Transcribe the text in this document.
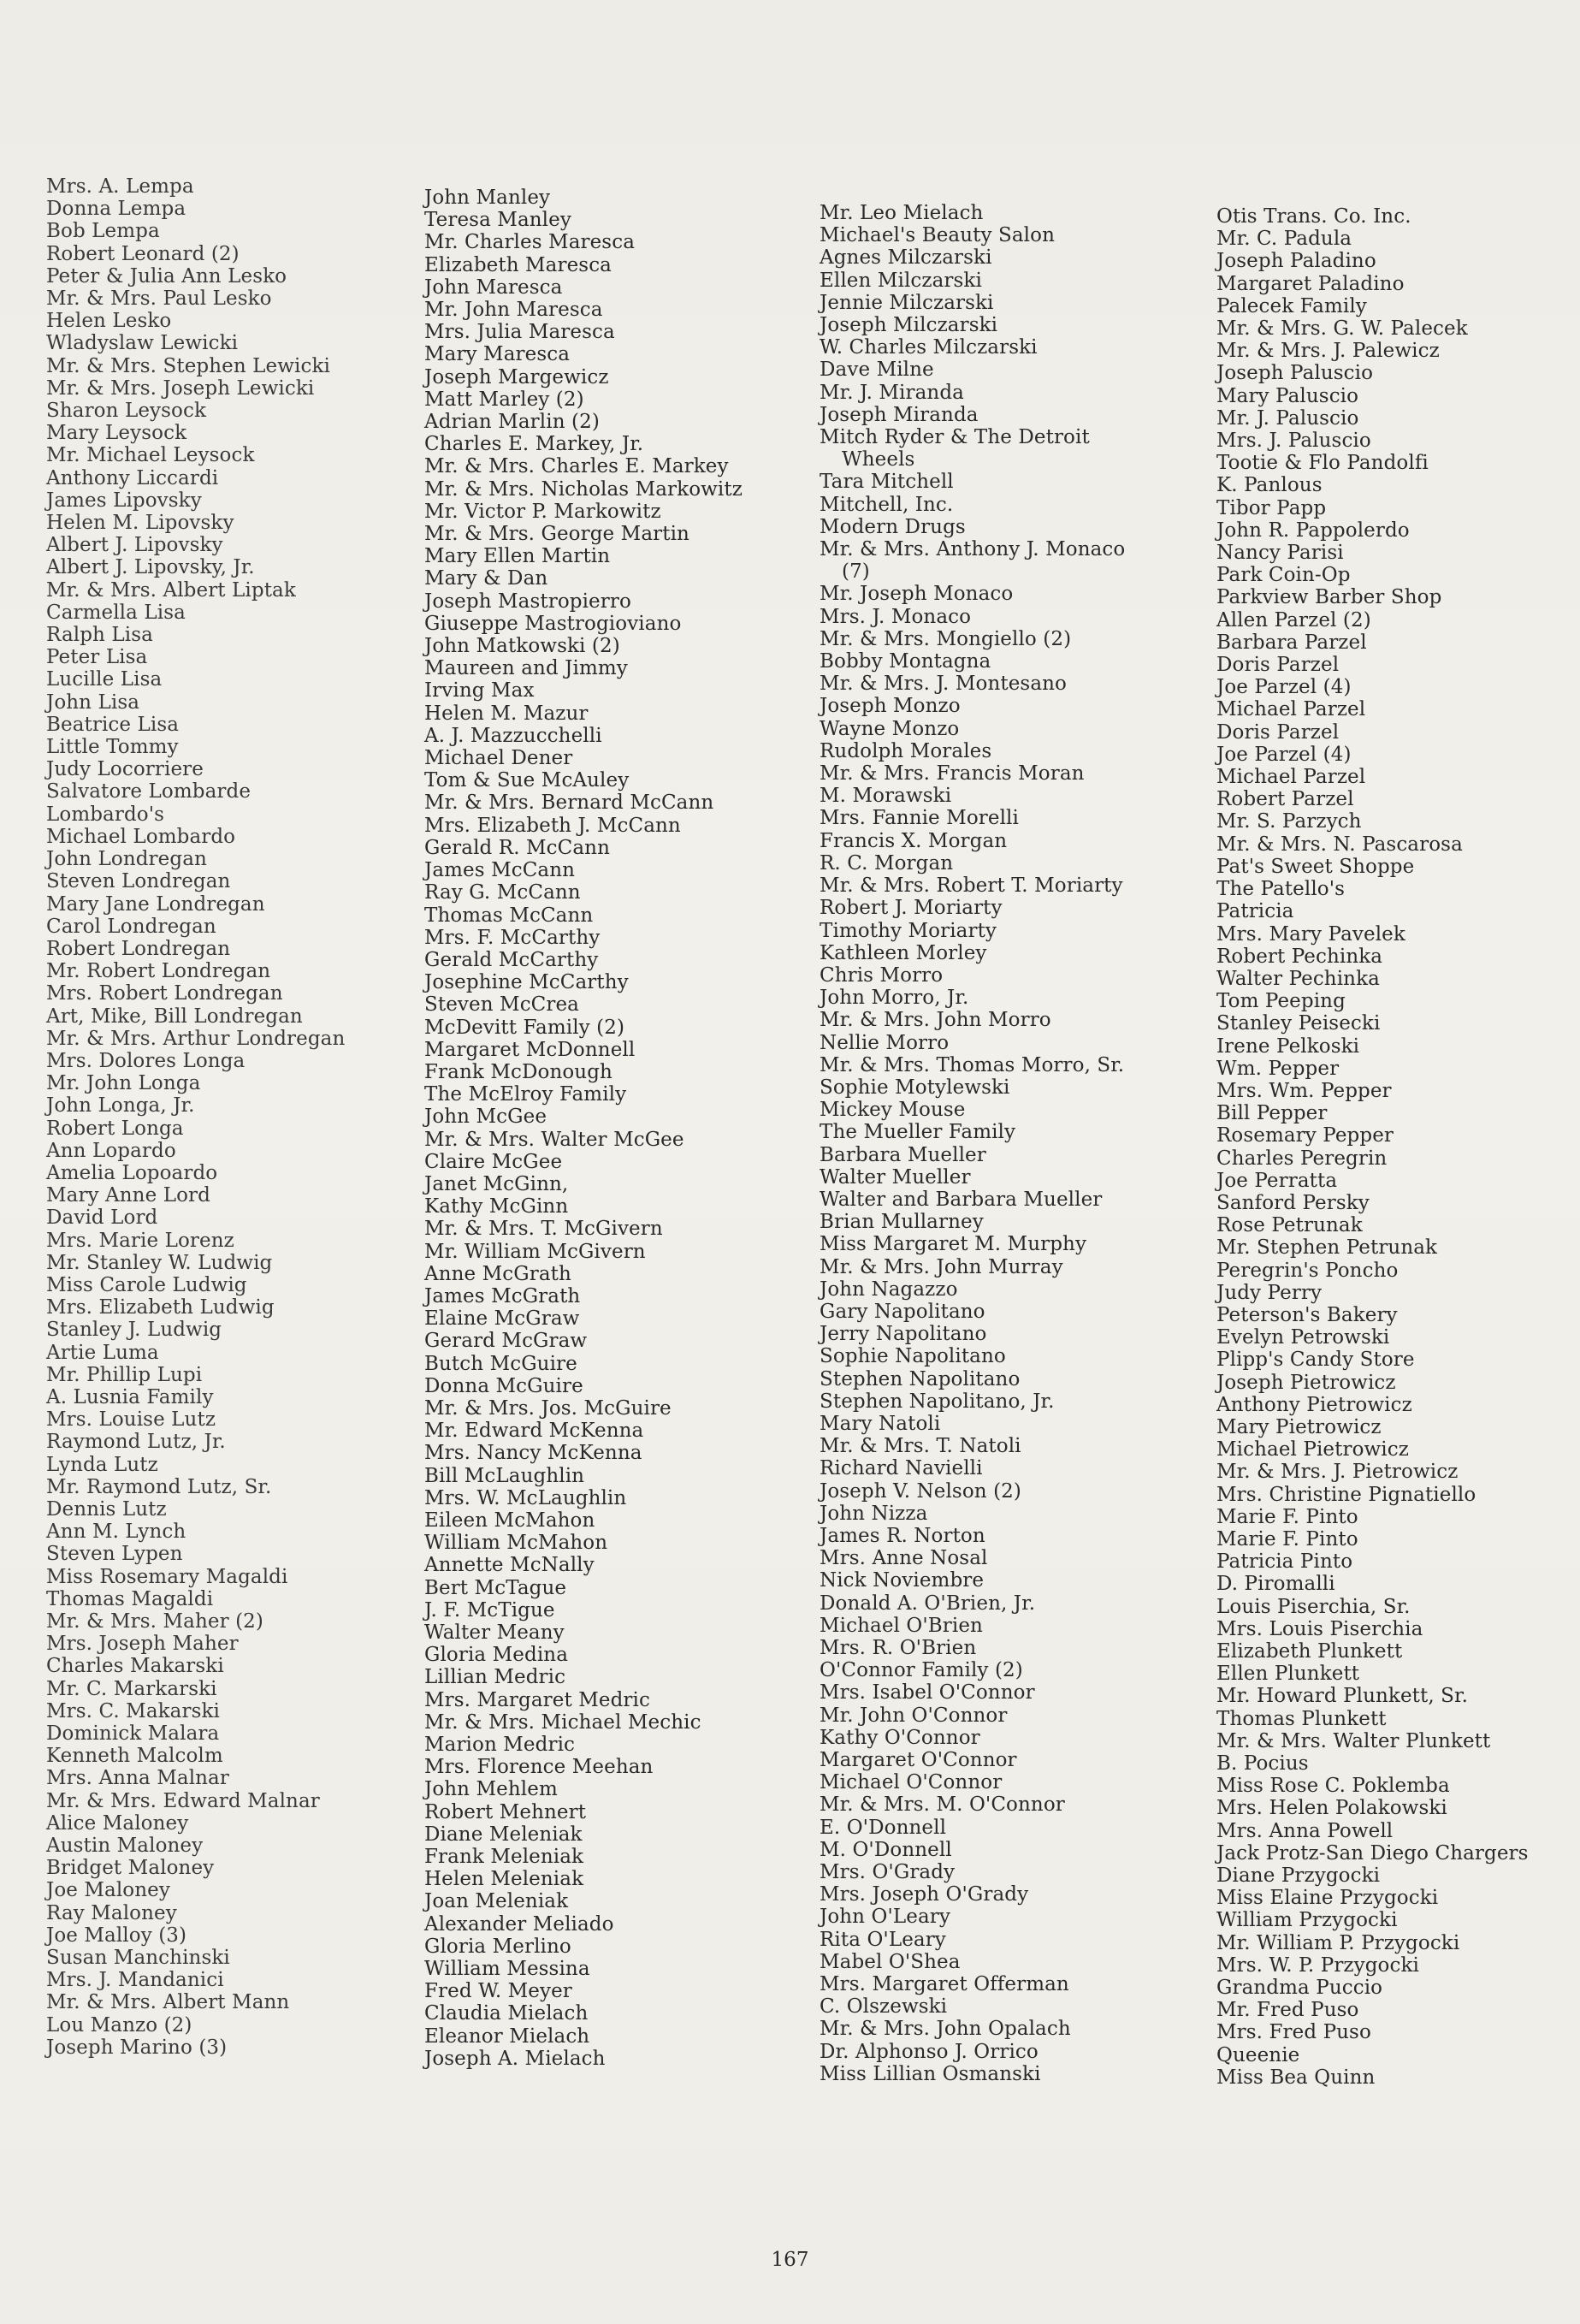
Mrs. A. Lempa
Donna Lempa
Bob Lempa
Robert Leonard (2)
Peter & Julia Ann Lesko
Mr. & Mrs. Paul Lesko
Helen Lesko
Wladyslaw Lewicki
Mr. & Mrs. Stephen Lewicki
Mr. & Mrs. Joseph Lewicki
Sharon Leysock
Mary Leysock
Mr. Michael Leysock
Anthony Liccardi
James Lipovsky
Helen M. Lipovsky
Albert J. Lipovsky
Albert J. Lipovsky, Jr.
Mr. & Mrs. Albert Liptak
Carmella Lisa
Ralph Lisa
Peter Lisa
Lucille Lisa
John Lisa
Beatrice Lisa
Little Tommy
Judy Locorriere
Salvatore Lombarde
Lombardo's
Michael Lombardo
John Londregan
Steven Londregan
Mary Jane Londregan
Carol Londregan
Robert Londregan
Mr. Robert Londregan
Mrs. Robert Londregan
Art, Mike, Bill Londregan
Mr. & Mrs. Arthur Londregan
Mrs. Dolores Longa
Mr. John Longa
John Longa, Jr.
Robert Longa
Ann Lopardo
Amelia Lopoardo
Mary Anne Lord
David Lord
Mrs. Marie Lorenz
Mr. Stanley W. Ludwig
Miss Carole Ludwig
Mrs. Elizabeth Ludwig
Stanley J. Ludwig
Artie Luma
Mr. Phillip Lupi
A. Lusnia Family
Mrs. Louise Lutz
Raymond Lutz, Jr.
Lynda Lutz
Mr. Raymond Lutz, Sr.
Dennis Lutz
Ann M. Lynch
Steven Lypen
Miss Rosemary Magaldi
Thomas Magaldi
Mr. & Mrs. Maher (2)
Mrs. Joseph Maher
Charles Makarski
Mr. C. Markarski
Mrs. C. Makarski
Dominick Malara
Kenneth Malcolm
Mrs. Anna Malnar
Mr. & Mrs. Edward Malnar
Alice Maloney
Austin Maloney
Bridget Maloney
Joe Maloney
Ray Maloney
Joe Malloy (3)
Susan Manchinski
Mrs. J. Mandanici
Mr. & Mrs. Albert Mann
Lou Manzo (2)
Joseph Marino (3)
John Manley
Teresa Manley
Mr. Charles Maresca
Elizabeth Maresca
John Maresca
Mr. John Maresca
Mrs. Julia Maresca
Mary Maresca
Joseph Margewicz
Matt Marley (2)
Adrian Marlin (2)
Charles E. Markey, Jr.
Mr. & Mrs. Charles E. Markey
Mr. & Mrs. Nicholas Markowitz
Mr. Victor P. Markowitz
Mr. & Mrs. George Martin
Mary Ellen Martin
Mary & Dan
Joseph Mastropierro
Giuseppe Mastrogioviano
John Matkowski (2)
Maureen and Jimmy
Irving Max
Helen M. Mazur
A. J. Mazzucchelli
Michael Dener
Tom & Sue McAuley
Mr. & Mrs. Bernard McCann
Mrs. Elizabeth J. McCann
Gerald R. McCann
James McCann
Ray G. McCann
Thomas McCann
Mrs. F. McCarthy
Gerald McCarthy
Josephine McCarthy
Steven McCrea
McDevitt Family (2)
Margaret McDonnell
Frank McDonough
The McElroy Family
John McGee
Mr. & Mrs. Walter McGee
Claire McGee
Janet McGinn,
Kathy McGinn
Mr. & Mrs. T. McGivern
Mr. William McGivern
Anne McGrath
James McGrath
Elaine McGraw
Gerard McGraw
Butch McGuire
Donna McGuire
Mr. & Mrs. Jos. McGuire
Mr. Edward McKenna
Mrs. Nancy McKenna
Bill McLaughlin
Mrs. W. McLaughlin
Eileen McMahon
William McMahon
Annette McNally
Bert McTague
J. F. McTigue
Walter Meany
Gloria Medina
Lillian Medric
Mrs. Margaret Medric
Mr. & Mrs. Michael Mechic
Marion Medric
Mrs. Florence Meehan
John Mehlem
Robert Mehnert
Diane Meleniak
Frank Meleniak
Helen Meleniak
Joan Meleniak
Alexander Meliado
Gloria Merlino
William Messina
Fred W. Meyer
Claudia Mielach
Eleanor Mielach
Joseph A. Mielach
Mr. Leo Mielach
Michael's Beauty Salon
Agnes Milczarski
Ellen Milczarski
Jennie Milczarski
Joseph Milczarski
W. Charles Milczarski
Dave Milne
Mr. J. Miranda
Joseph Miranda
Mitch Ryder & The Detroit
Wheels
Tara Mitchell
Mitchell, Inc.
Modern Drugs
Mr. & Mrs. Anthony J. Monaco
(7)
Mr. Joseph Monaco
Mrs. J. Monaco
Mr. & Mrs. Mongiello (2)
Bobby Montagna
Mr. & Mrs. J. Montesano
Joseph Monzo
Wayne Monzo
Rudolph Morales
Mr. & Mrs. Francis Moran
M. Morawski
Mrs. Fannie Morelli
Francis X. Morgan
R. C. Morgan
Mr. & Mrs. Robert T. Moriarty
Robert J. Moriarty
Timothy Moriarty
Kathleen Morley
Chris Morro
John Morro, Jr.
Mr. & Mrs. John Morro
Nellie Morro
Mr. & Mrs. Thomas Morro, Sr.
Sophie Motylewski
Mickey Mouse
The Mueller Family
Barbara Mueller
Walter Mueller
Walter and Barbara Mueller
Brian Mullarney
Miss Margaret M. Murphy
Mr. & Mrs. John Murray
John Nagazzo
Gary Napolitano
Jerry Napolitano
Sophie Napolitano
Stephen Napolitano
Stephen Napolitano, Jr.
Mary Natoli
Mr. & Mrs. T. Natoli
Richard Navielli
Joseph V. Nelson (2)
John Nizza
James R. Norton
Mrs. Anne Nosal
Nick Noviembre
Donald A. O'Brien, Jr.
Michael O'Brien
Mrs. R. O'Brien
O'Connor Family (2)
Mrs. Isabel O'Connor
Mr. John O'Connor
Kathy O'Connor
Margaret O'Connor
Michael O'Connor
Mr. & Mrs. M. O'Connor
E. O'Donnell
M. O'Donnell
Mrs. O'Grady
Mrs. Joseph O'Grady
John O'Leary
Rita O'Leary
Mabel O'Shea
Mrs. Margaret Offerman
C. Olszewski
Mr. & Mrs. John Opalach
Dr. Alphonso J. Orrico
Miss Lillian Osmanski
Otis Trans. Co. Inc.
Mr. C. Padula
Joseph Paladino
Margaret Paladino
Palecek Family
Mr. & Mrs. G. W. Palecek
Mr. & Mrs. J. Palewicz
Joseph Paluscio
Mary Paluscio
Mr. J. Paluscio
Mrs. J. Paluscio
Tootie & Flo Pandolfi
K. Panlous
Tibor Papp
John R. Pappolerdo
Nancy Parisi
Park Coin-Op
Parkview Barber Shop
Allen Parzel (2)
Barbara Parzel
Doris Parzel
Joe Parzel (4)
Michael Parzel
Doris Parzel
Joe Parzel (4)
Michael Parzel
Robert Parzel
Mr. S. Parzych
Mr. & Mrs. N. Pascarosa
Pat's Sweet Shoppe
The Patello's
Patricia
Mrs. Mary Pavelek
Robert Pechinka
Walter Pechinka
Tom Peeping
Stanley Peisecki
Irene Pelkoski
Wm. Pepper
Mrs. Wm. Pepper
Bill Pepper
Rosemary Pepper
Charles Peregrin
Joe Perratta
Sanford Persky
Rose Petrunak
Mr. Stephen Petrunak
Peregrin's Poncho
Judy Perry
Peterson's Bakery
Evelyn Petrowski
Plipp's Candy Store
Joseph Pietrowicz
Anthony Pietrowicz
Mary Pietrowicz
Michael Pietrowicz
Mr. & Mrs. J. Pietrowicz
Mrs. Christine Pignatiello
Marie F. Pinto
Marie F. Pinto
Patricia Pinto
D. Piromalli
Louis Piserchia, Sr.
Mrs. Louis Piserchia
Elizabeth Plunkett
Ellen Plunkett
Mr. Howard Plunkett, Sr.
Thomas Plunkett
Mr. & Mrs. Walter Plunkett
B. Pocius
Miss Rose C. Poklemba
Mrs. Helen Polakowski
Mrs. Anna Powell
Jack Protz-San Diego Chargers
Diane Przygocki
Miss Elaine Przygocki
William Przygocki
Mr. William P. Przygocki
Mrs. W. P. Przygocki
Grandma Puccio
Mr. Fred Puso
Mrs. Fred Puso
Queenie
Miss Bea Quinn
167
